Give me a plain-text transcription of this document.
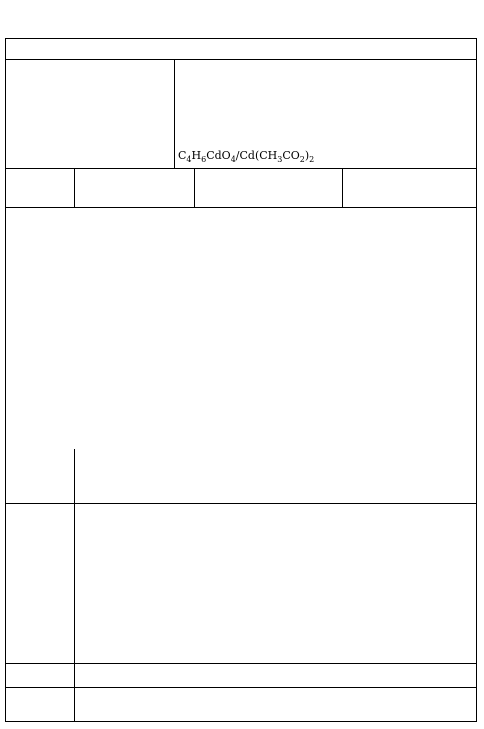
$C_4H_6CdO_4/Cd(CH_3CO_2)_2$
